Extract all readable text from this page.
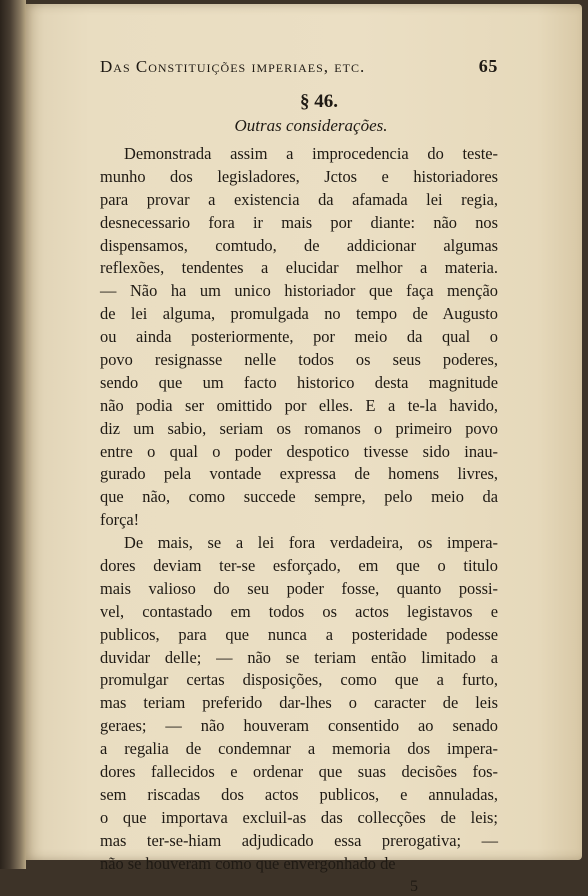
Das Constituições imperiaes, etc.	65
§ 46.
Outras considerações.
Demonstrada assim a improcedencia do teste-
munho dos legisladores, Jctos e historiadores
para provar a existencia da afamada lei regia,
desnecessario fora ir mais por diante: não nos
dispensamos, comtudo, de addicionar algumas
reflexões, tendentes a elucidar melhor a materia.
— Não ha um unico historiador que faça menção
de lei alguma, promulgada no tempo de Augusto
ou ainda posteriormente, por meio da qual o
povo resignasse nelle todos os seus poderes,
sendo que um facto historico desta magnitude
não podia ser omittido por elles. E a te-la havido,
diz um sabio, seriam os romanos o primeiro povo
entre o qual o poder despotico tivesse sido inau-
gurado pela vontade expressa de homens livres,
que não, como succede sempre, pelo meio da
força!
De mais, se a lei fora verdadeira, os impera-
dores deviam ter-se esforçado, em que o titulo
mais valioso do seu poder fosse, quanto possi-
vel, contastado em todos os actos legistavos e
publicos, para que nunca a posteridade podesse
duvidar delle; — não se teriam então limitado a
promulgar certas disposições, como que a furto,
mas teriam preferido dar-lhes o caracter de leis
geraes; — não houveram consentido ao senado
a regalia de condemnar a memoria dos impera-
dores fallecidos e ordenar que suas decisões fos-
sem riscadas dos actos publicos, e annuladas,
o que importava excluil-as das collecções de leis;
mas ter-se-hiam adjudicado essa prerogativa; —
não se houveram como que envergonhado de
5
